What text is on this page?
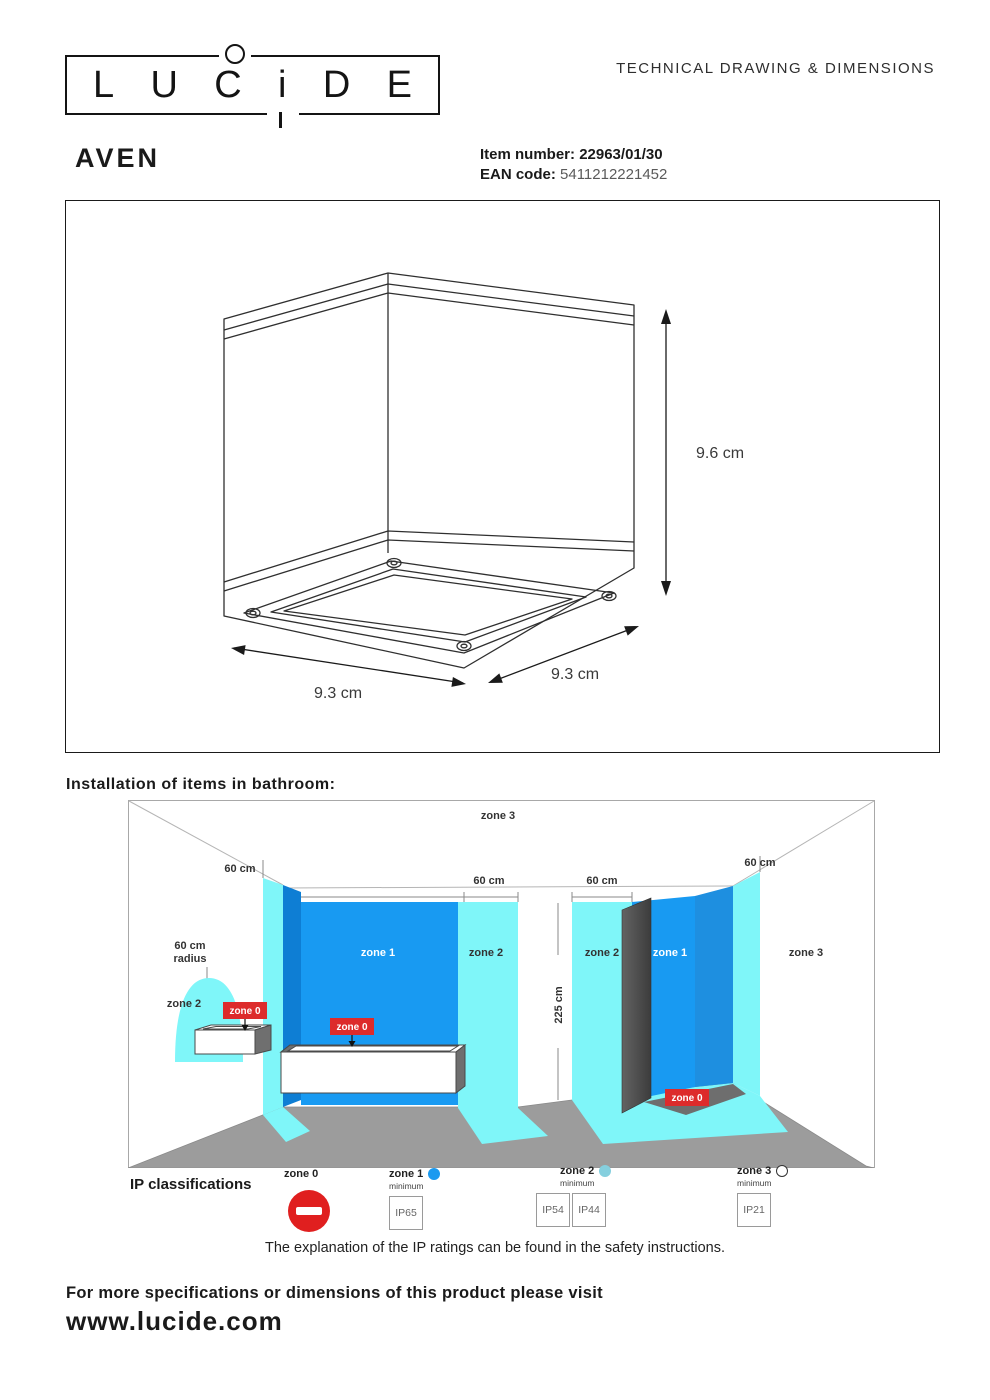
L U C i D E	TECHNICAL DRAWING & DIMENSIONS
AVEN	Item number: 22963/01/30
EAN code: 5411212221452
9.6 cm
9.3 cm
9.3 cm
Installation of items in bathroom:
60 cm
60 cm	60 cm
60 cm
225 cm
60 cm
radius
zone 2
zone 3
zone 1	zone 2	zone 2	zone 1	zone 3
zone 0
zone 0
zone 0
IP classifications
zone 0	zone 1
minimum
IP65
zone 2
minimum
IP54	IP44
zone 3
minimum
IP21
The explanation of the IP ratings can be found in the safety instructions.
For more specifications or dimensions of this product please visit
www.lucide.com
